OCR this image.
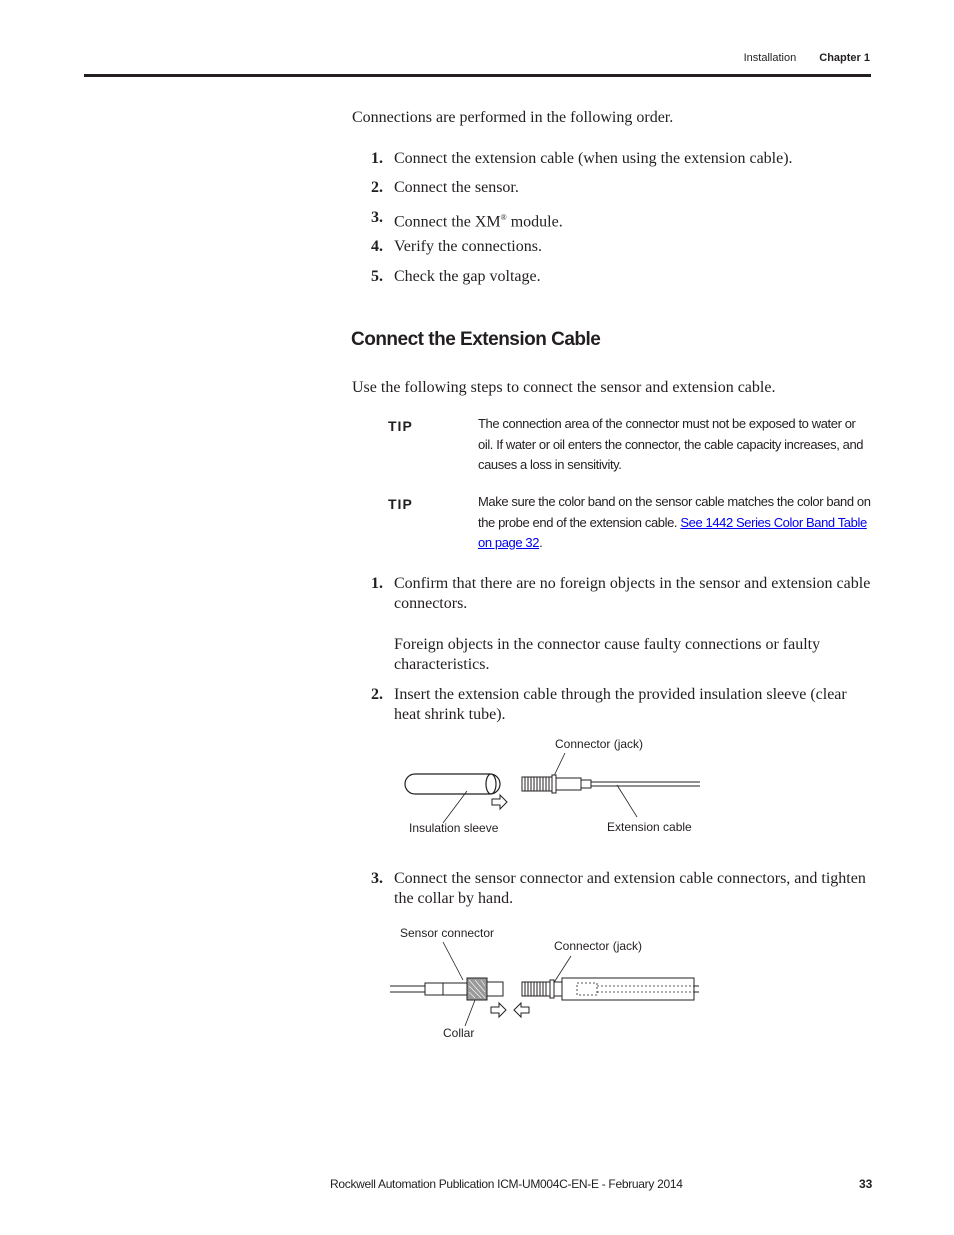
Installation Chapter 1
Connections are performed in the following order.
1. Connect the extension cable (when using the extension cable).
2. Connect the sensor.
3. Connect the XM® module.
4. Verify the connections.
5. Check the gap voltage.
Connect the Extension Cable
Use the following steps to connect the sensor and extension cable.
TIP	The connection area of the connector must not be exposed to water or oil. If water or oil enters the connector, the cable capacity increases, and causes a loss in sensitivity.
TIP	Make sure the color band on the sensor cable matches the color band on the probe end of the extension cable. See 1442 Series Color Band Table on page 32.
1. Confirm that there are no foreign objects in the sensor and extension cable connectors.
Foreign objects in the connector cause faulty connections or faulty characteristics.
2. Insert the extension cable through the provided insulation sleeve (clear heat shrink tube).
Connector (jack)
Insulation sleeve	Extension cable
3. Connect the sensor connector and extension cable connectors, and tighten the collar by hand.
Sensor connector
Connector (jack)
Collar
Rockwell Automation Publication ICM-UM004C-EN-E - February 2014	33
